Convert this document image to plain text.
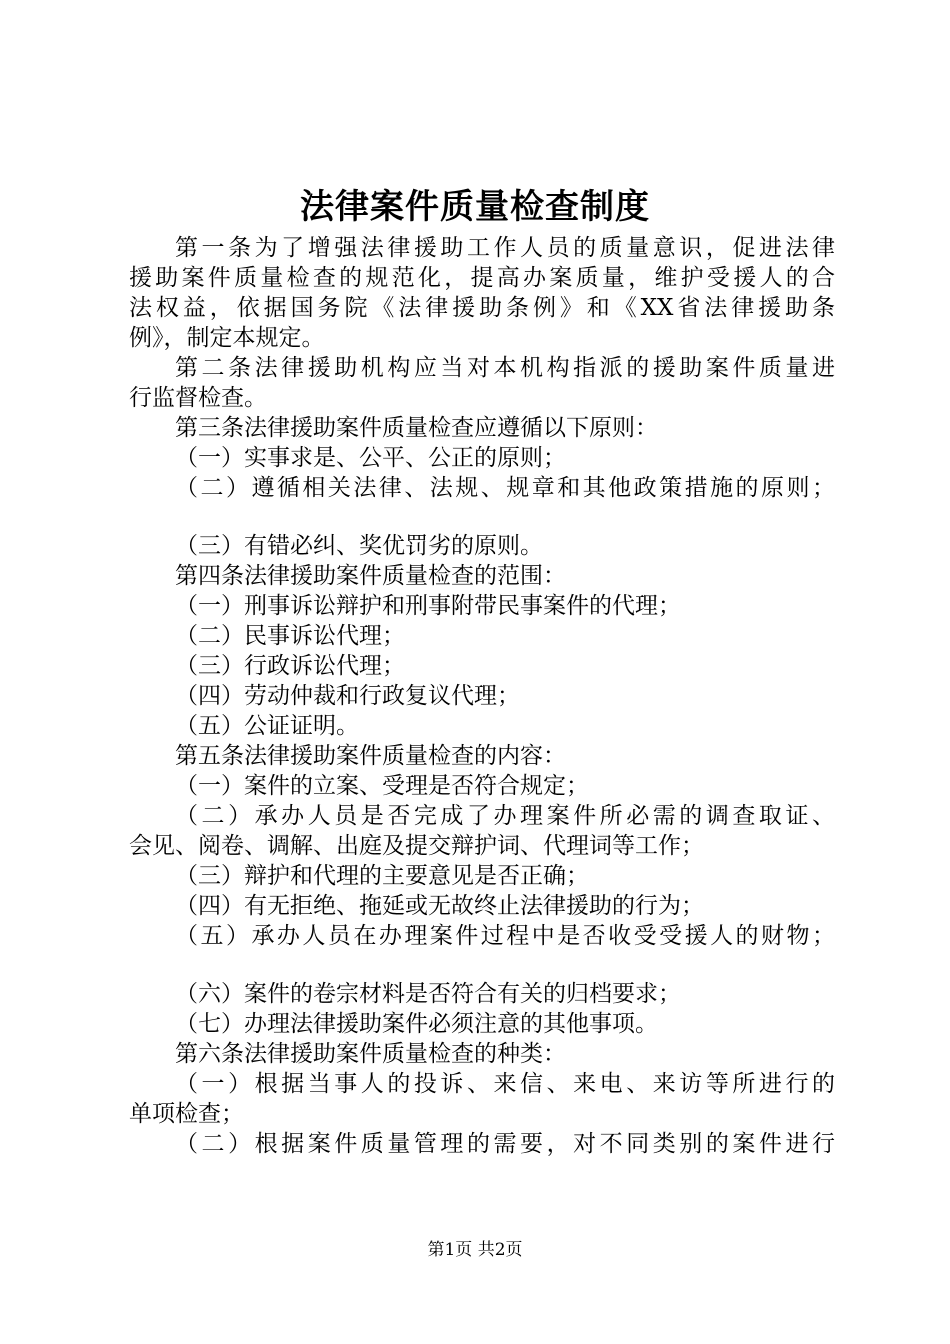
法律案件质量检查制度
第一条为了增强法律援助工作人员的质量意识，促进法律
援助案件质量检查的规范化，提高办案质量，维护受援人的合
法权益，依据国务院《法律援助条例》和《XX省法律援助条
例》，制定本规定。
第二条法律援助机构应当对本机构指派的援助案件质量进
行监督检查。
第三条法律援助案件质量检查应遵循以下原则：
（一）实事求是、公平、公正的原则；
（二）遵循相关法律、法规、规章和其他政策措施的原则；
（三）有错必纠、奖优罚劣的原则。
第四条法律援助案件质量检查的范围：
（一）刑事诉讼辩护和刑事附带民事案件的代理；
（二）民事诉讼代理；
（三）行政诉讼代理；
（四）劳动仲裁和行政复议代理；
（五）公证证明。
第五条法律援助案件质量检查的内容：
（一）案件的立案、受理是否符合规定；
（二）承办人员是否完成了办理案件所必需的调查取证、
会见、阅卷、调解、出庭及提交辩护词、代理词等工作；
（三）辩护和代理的主要意见是否正确；
（四）有无拒绝、拖延或无故终止法律援助的行为；
（五）承办人员在办理案件过程中是否收受受援人的财物；
（六）案件的卷宗材料是否符合有关的归档要求；
（七）办理法律援助案件必须注意的其他事项。
第六条法律援助案件质量检查的种类：
（一）根据当事人的投诉、来信、来电、来访等所进行的
单项检查；
（二）根据案件质量管理的需要，对不同类别的案件进行
第1页 共2页
